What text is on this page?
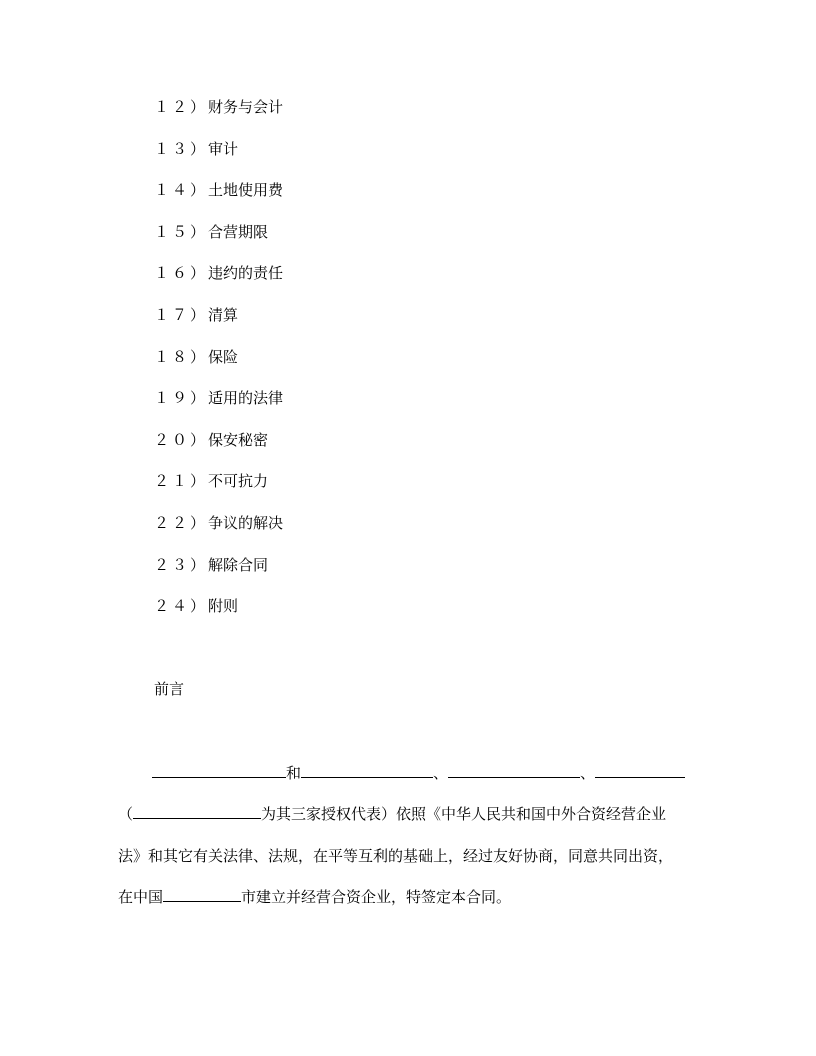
１２）财务与会计
１３）审计
１４）土地使用费
１５）合营期限
１６）违约的责任
１７）清算
１８）保险
１９）适用的法律
２０）保安秘密
２１）不可抗力
２２）争议的解决
２３）解除合同
２４）附则
前言

和	、	、

（	为其三家授权代表）依照《中华人民共和国中外合资经营企业

法》和其它有关法律、法规，在平等互利的基础上，经过友好协商，同意共同出资，

在中国	市建立并经营合资企业，特签定本合同。
